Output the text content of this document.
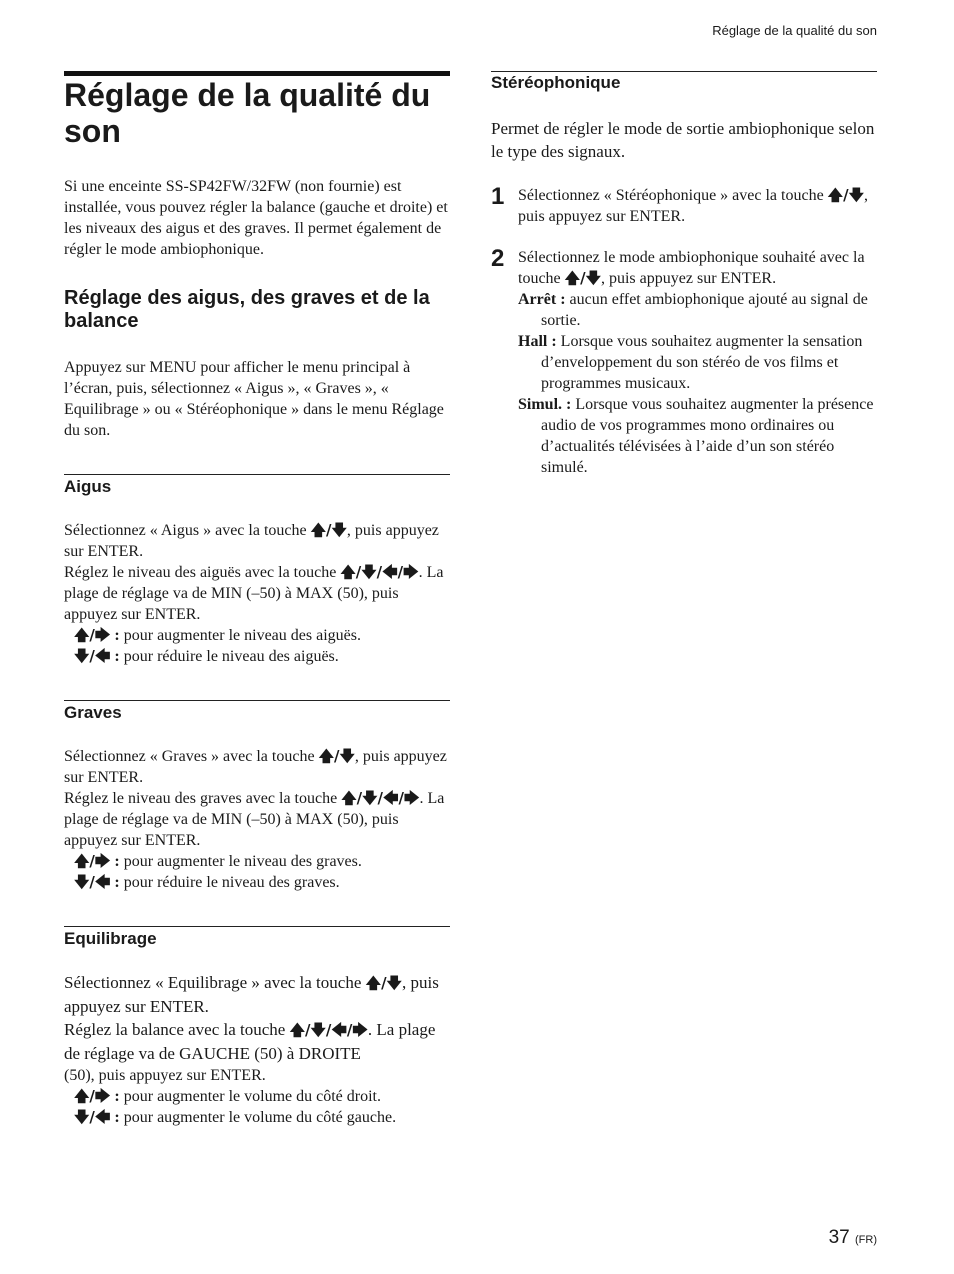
Réglage de la qualité du son
Réglage de la qualité du son

Si une enceinte SS-SP42FW/32FW (non fournie) est installée, vous pouvez régler la balance (gauche et droite) et les niveaux des aigus et des graves. Il permet également de régler le mode ambiophonique.

Réglage des aigus, des graves et de la balance

Appuyez sur MENU pour afficher le menu principal à l’écran, puis, sélectionnez « Aigus », « Graves », « Equilibrage » ou « Stéréophonique » dans le menu Réglage du son.

Aigus

Sélectionnez « Aigus » avec la touche 🡅/🡇, puis appuyez sur ENTER.

Réglez le niveau des aiguës avec la touche 🡅/🡇/🡄/🡆. La plage de réglage va de MIN (–50) à MAX (50), puis appuyez sur ENTER.

🡅/🡆 : pour augmenter le niveau des aiguës.

🡇/🡄 : pour réduire le niveau des aiguës.

Graves

Sélectionnez « Graves » avec la touche 🡅/🡇, puis appuyez sur ENTER.

Réglez le niveau des graves avec la touche 🡅/🡇/🡄/🡆. La plage de réglage va de MIN (–50) à MAX (50), puis appuyez sur ENTER.

🡅/🡆 : pour augmenter le niveau des graves.

🡇/🡄 : pour réduire le niveau des graves.

Equilibrage

Sélectionnez « Equilibrage » avec la touche 🡅/🡇, puis appuyez sur ENTER.

Réglez la balance avec la touche 🡅/🡇/🡄/🡆. La plage de réglage va de GAUCHE (50) à DROITE

(50), puis appuyez sur ENTER.

🡅/🡆 : pour augmenter le volume du côté droit.

🡇/🡄 : pour augmenter le volume du côté gauche.

Stéréophonique

Permet de régler le mode de sortie ambiophonique selon le type des signaux.

1 Sélectionnez « Stéréophonique » avec la touche 🡅/🡇, puis appuyez sur ENTER.

2 Sélectionnez le mode ambiophonique souhaité avec la touche 🡅/🡇, puis appuyez sur ENTER.

Arrêt : aucun effet ambiophonique ajouté au signal de sortie.

Hall : Lorsque vous souhaitez augmenter la sensation d’enveloppement du son stéréo de vos films et programmes musicaux.

Simul. : Lorsque vous souhaitez augmenter la présence audio de vos programmes mono ordinaires ou d’actualités télévisées à l’aide d’un son stéréo simulé.

37 (FR)
